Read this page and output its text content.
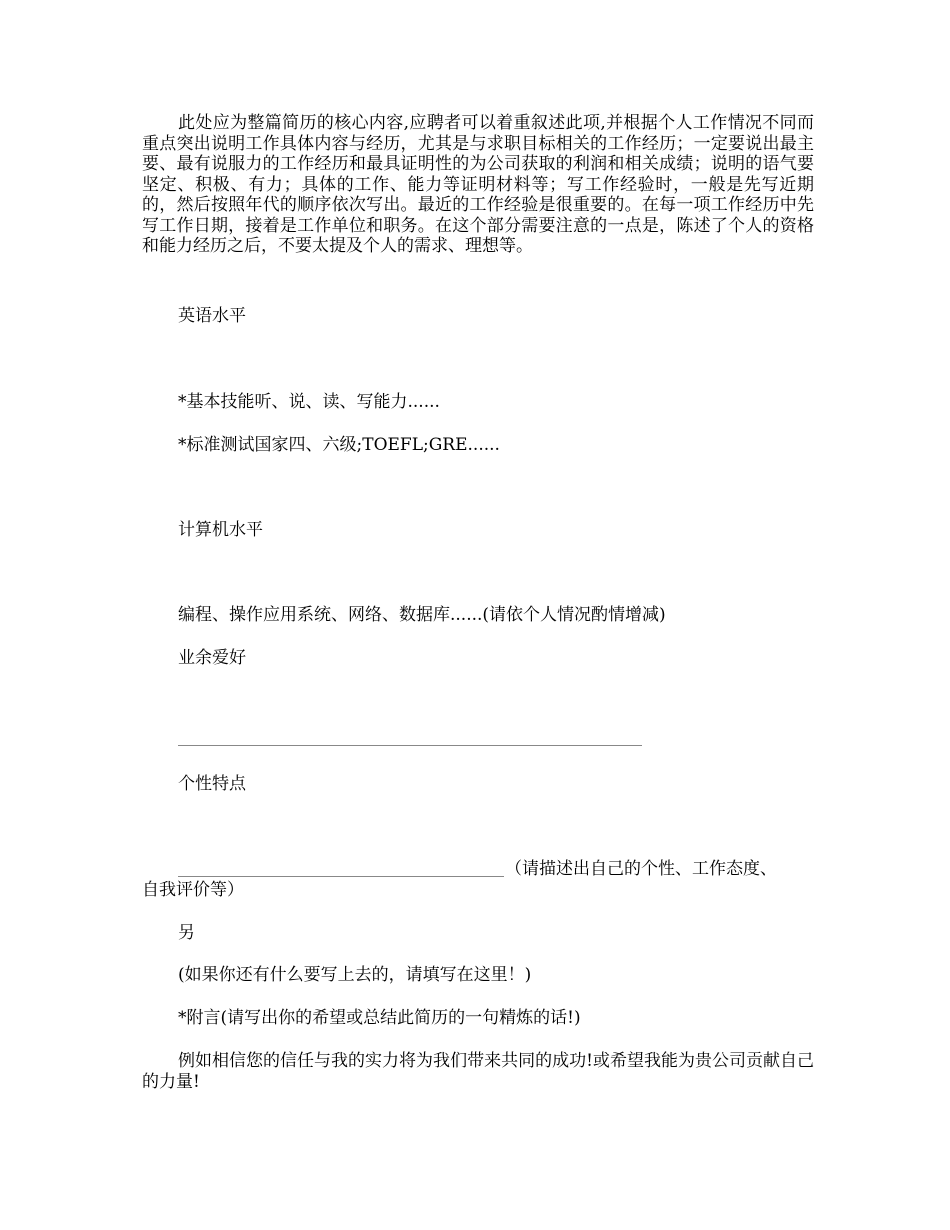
此处应为整篇简历的核心内容,应聘者可以着重叙述此项,并根据个人工作情况不同而重点突出说明工作具体内容与经历，尤其是与求职目标相关的工作经历；一定要说出最主要、最有说服力的工作经历和最具证明性的为公司获取的利润和相关成绩；说明的语气要坚定、积极、有力；具体的工作、能力等证明材料等；写工作经验时，一般是先写近期的，然后按照年代的顺序依次写出。最近的工作经验是很重要的。在每一项工作经历中先写工作日期，接着是工作单位和职务。在这个部分需要注意的一点是，陈述了个人的资格和能力经历之后，不要太提及个人的需求、理想等。

英语水平

*基本技能听、说、读、写能力......

*标准测试国家四、六级;TOEFL;GRE......

计算机水平

编程、操作应用系统、网络、数据库......(请依个人情况酌情增减)

业余爱好

个性特点

（请描述出自己的个性、工作态度、

自我评价等）

另

(如果你还有什么要写上去的，请填写在这里！)

*附言(请写出你的希望或总结此简历的一句精炼的话!)

例如相信您的信任与我的实力将为我们带来共同的成功!或希望我能为贵公司贡献自己的力量!
